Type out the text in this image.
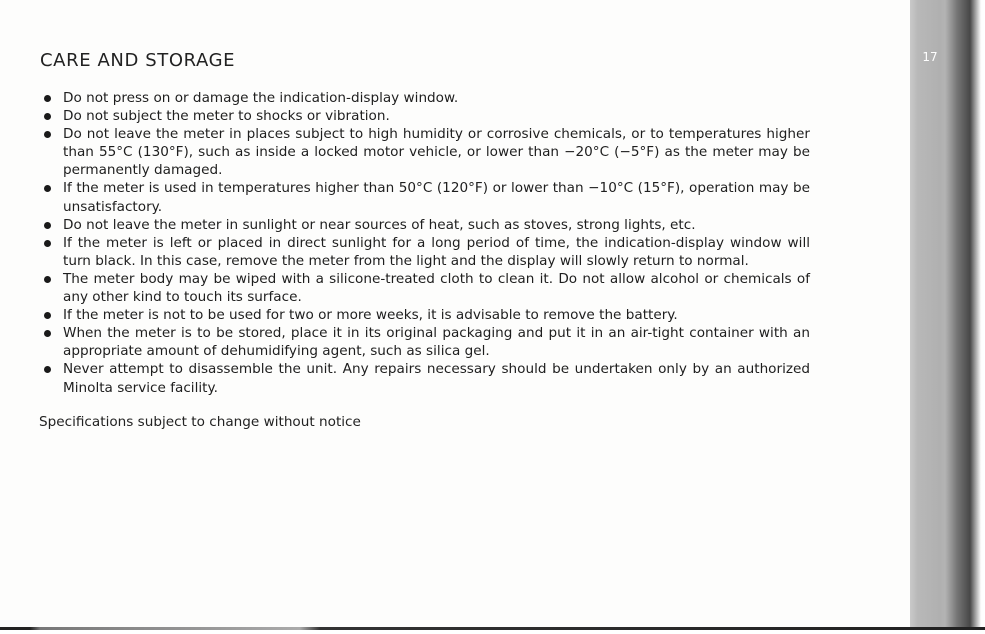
CARE AND STORAGE
Do not press on or damage the indication-display window.
Do not subject the meter to shocks or vibration.
Do not leave the meter in places subject to high humidity or corrosive chemicals, or to temperatures higher than 55°C (130°F), such as inside a locked motor vehicle, or lower than −20°C (−5°F) as the meter may be permanently damaged.
If the meter is used in temperatures higher than 50°C (120°F) or lower than −10°C (15°F), operation may be unsatisfactory.
Do not leave the meter in sunlight or near sources of heat, such as stoves, strong lights, etc.
If the meter is left or placed in direct sunlight for a long period of time, the indication-display window will turn black. In this case, remove the meter from the light and the display will slowly return to normal.
The meter body may be wiped with a silicone-treated cloth to clean it. Do not allow alcohol or chemicals of any other kind to touch its surface.
If the meter is not to be used for two or more weeks, it is advisable to remove the battery.
When the meter is to be stored, place it in its original packaging and put it in an air-tight container with an appropriate amount of dehumidifying agent, such as silica gel.
Never attempt to disassemble the unit. Any repairs necessary should be undertaken only by an authorized Minolta service facility.
Specifications subject to change without notice
17
